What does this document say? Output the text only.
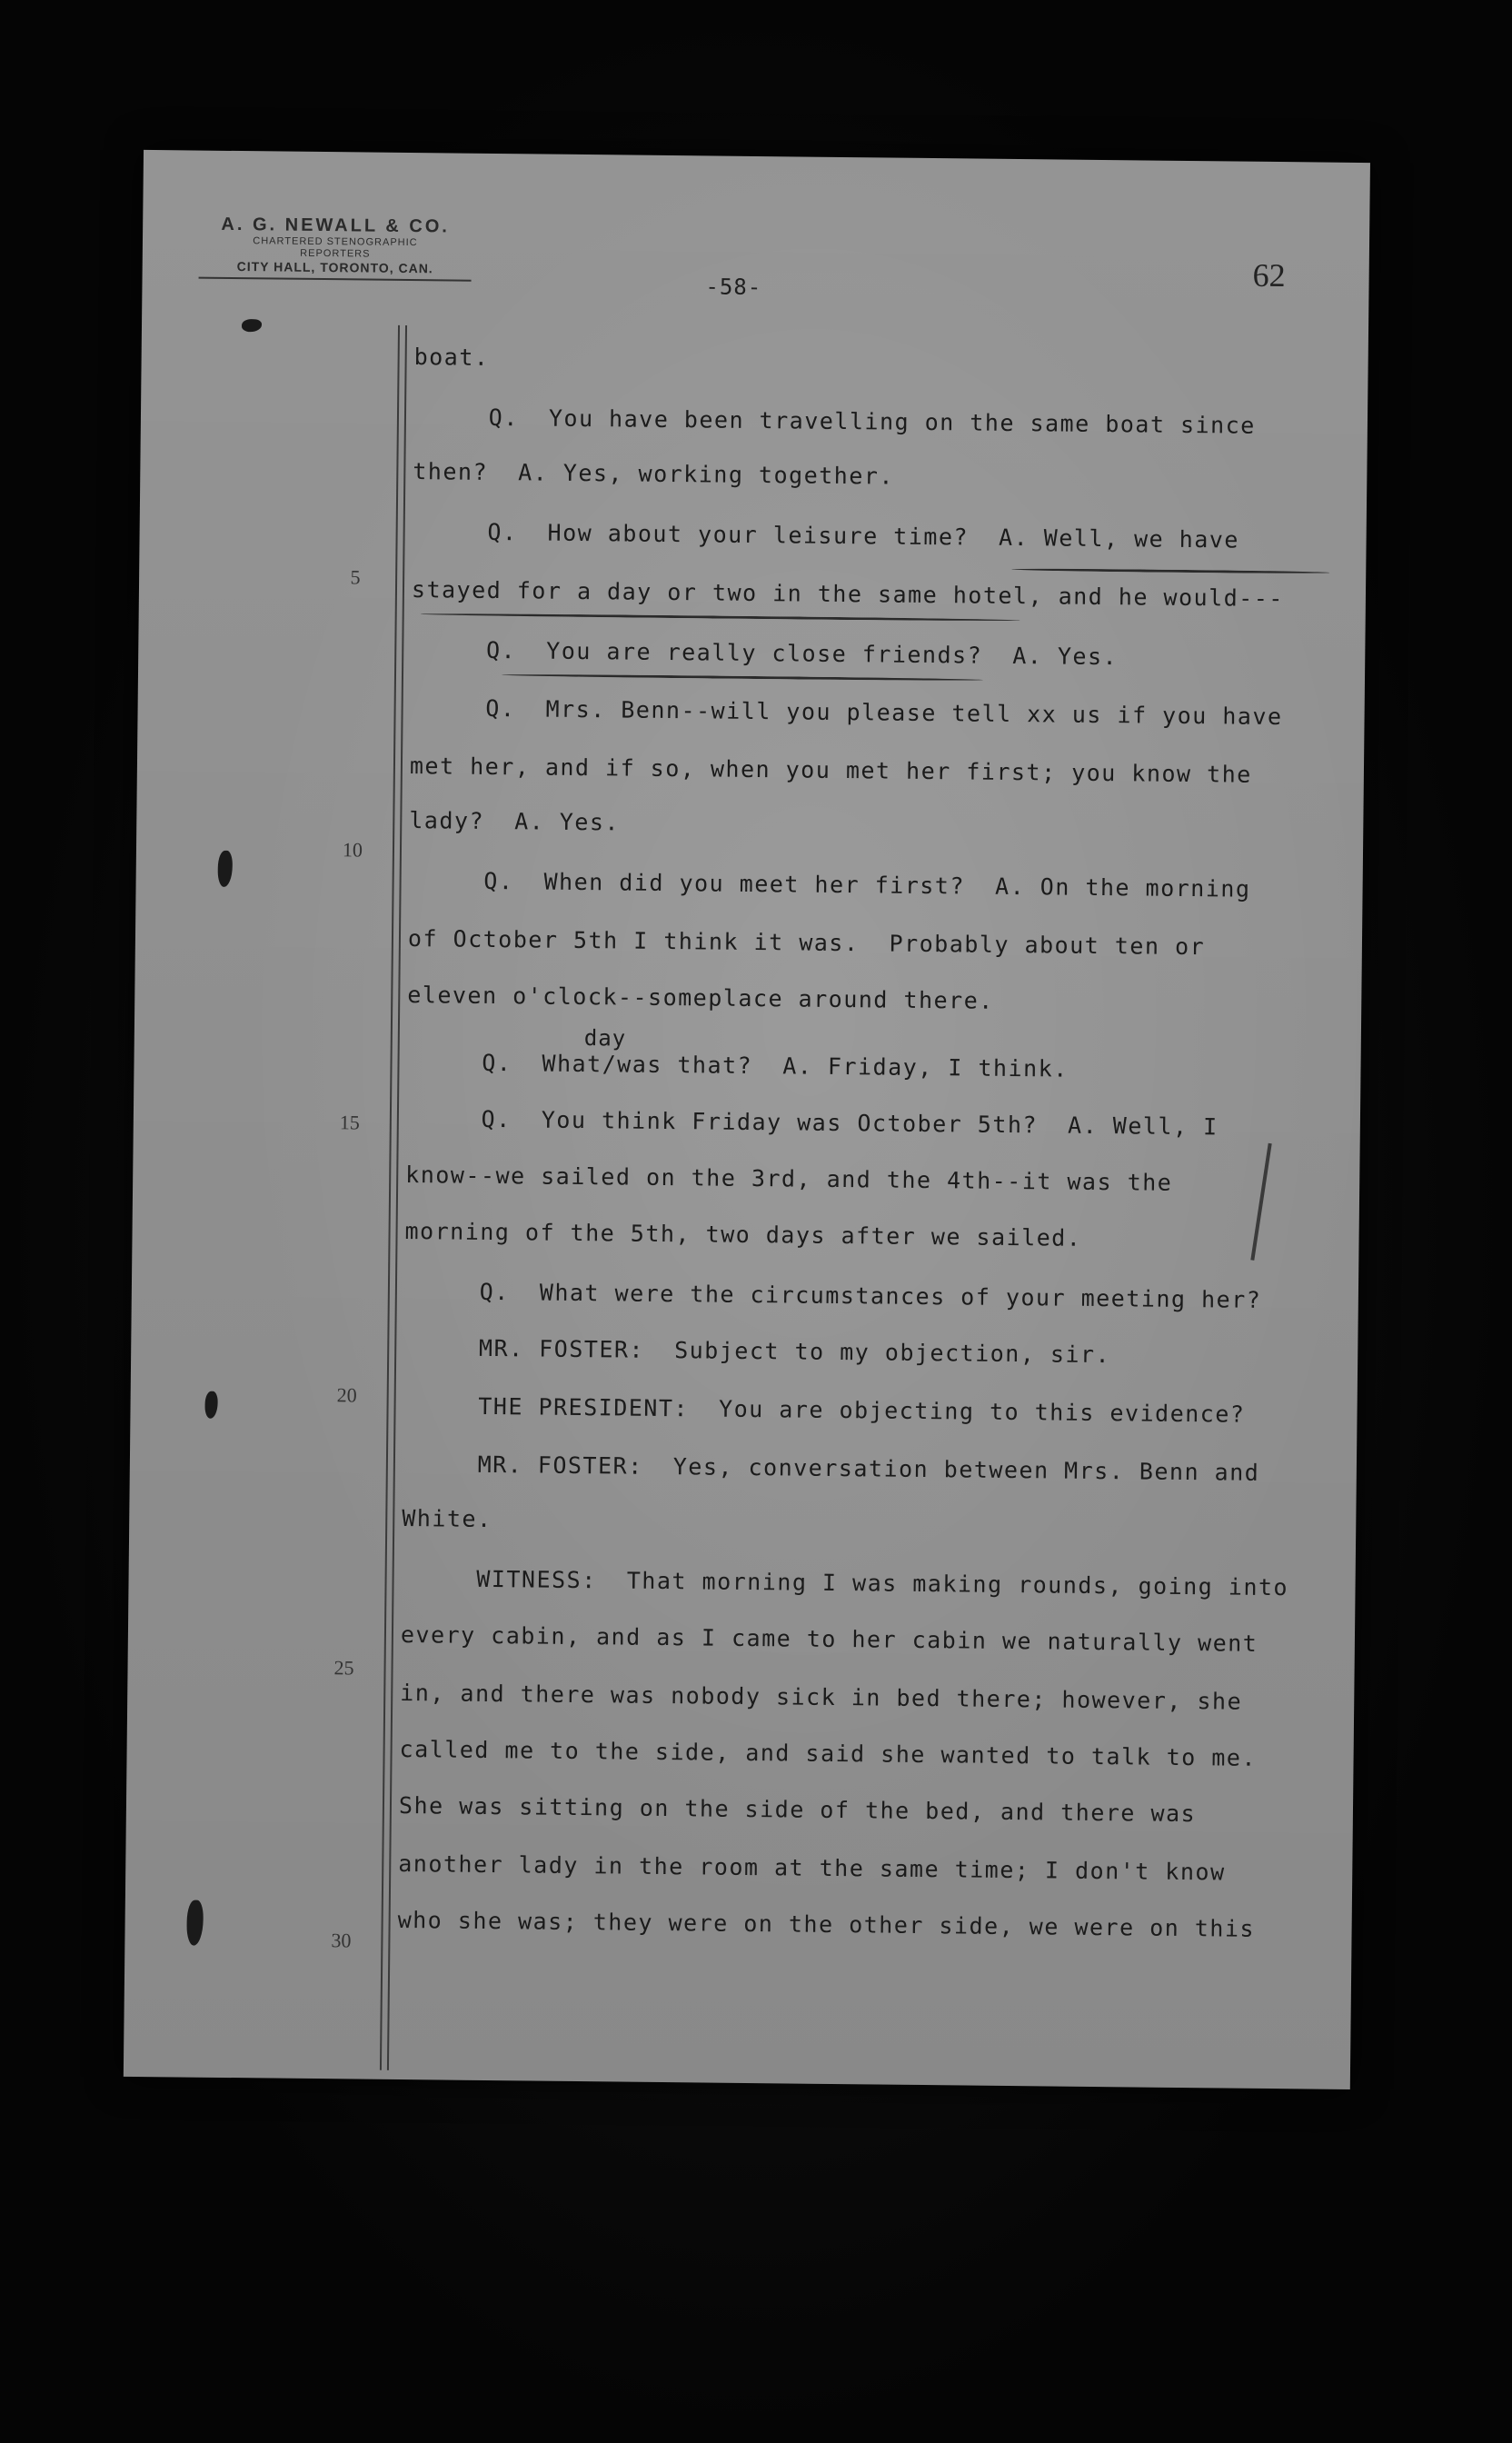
A. G. NEWALL & CO.
CHARTERED STENOGRAPHIC
REPORTERS
CITY HALL, TORONTO, CAN.	62
-58-
5
10
15
20
25
30
boat.
Q.  You have been travelling on the same boat since
then?  A. Yes, working together.
Q.  How about your leisure time?  A. Well, we have
stayed for a day or two in the same hotel, and he would---
Q.  You are really close friends?  A. Yes.
Q.  Mrs. Benn--will you please tell xx us if you have
met her, and if so, when you met her first; you know the
lady?  A. Yes.
Q.  When did you meet her first?  A. On the morning
of October 5th I think it was.  Probably about ten or
eleven o'clock--someplace around there.
day
Q.  What/was that?  A. Friday, I think.
Q.  You think Friday was October 5th?  A. Well, I
know--we sailed on the 3rd, and the 4th--it was the
morning of the 5th, two days after we sailed.
Q.  What were the circumstances of your meeting her?
MR. FOSTER:  Subject to my objection, sir.
THE PRESIDENT:  You are objecting to this evidence?
MR. FOSTER:  Yes, conversation between Mrs. Benn and
White.
WITNESS:  That morning I was making rounds, going into
every cabin, and as I came to her cabin we naturally went
in, and there was nobody sick in bed there; however, she
called me to the side, and said she wanted to talk to me.
She was sitting on the side of the bed, and there was
another lady in the room at the same time; I don't know
who she was; they were on the other side, we were on this
